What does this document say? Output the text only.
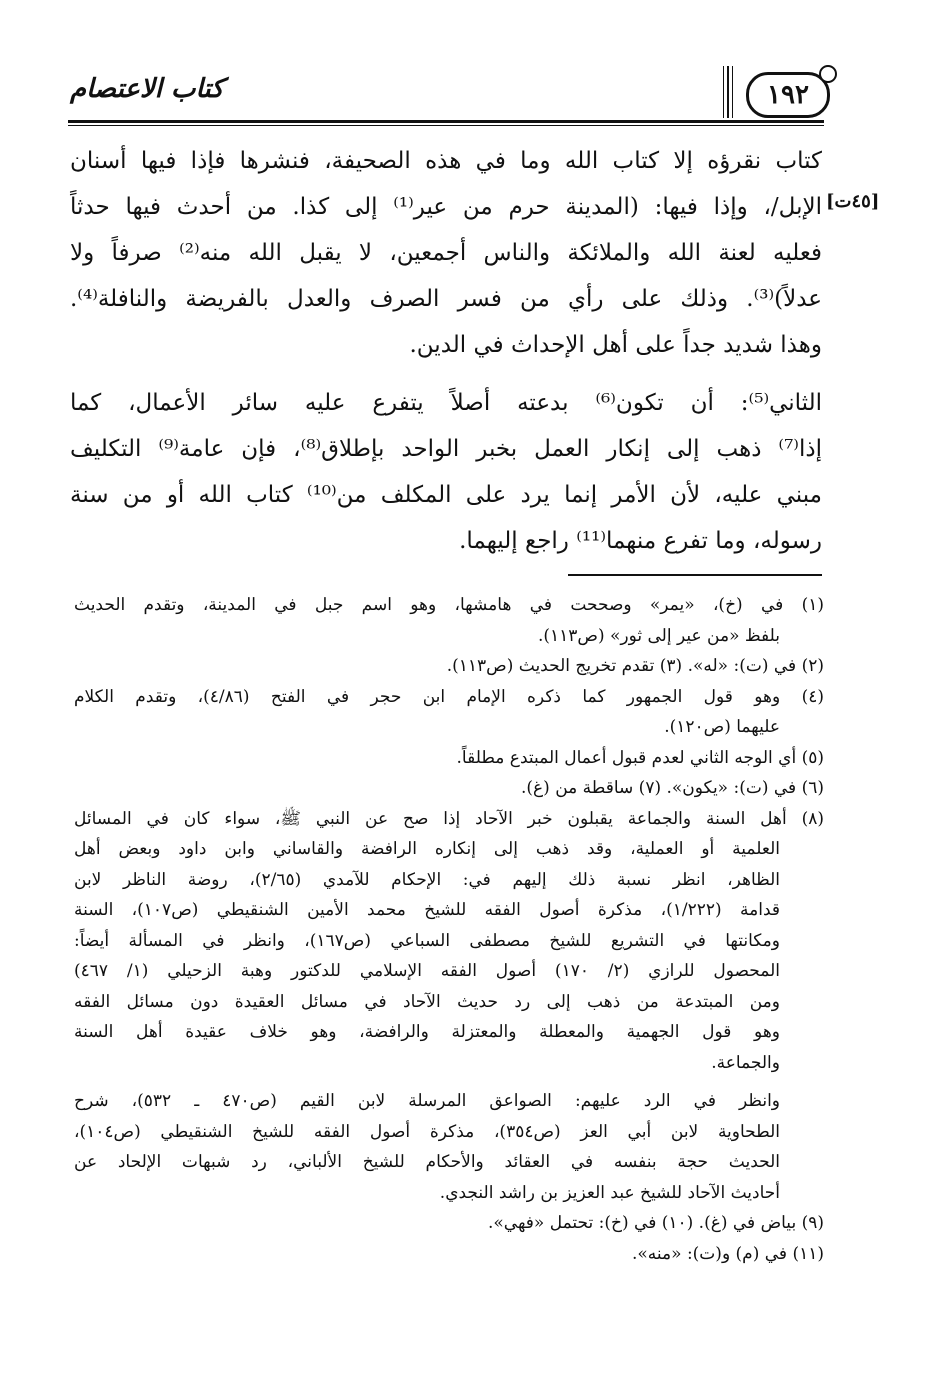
كتاب الاعتصام	١٩٢
[٤٥ت]
كتاب نقرؤه إلا كتاب الله وما في هذه الصحيفة، فنشرها فإذا فيها أسنان
الإبل/، وإذا فيها: (المدينة حرم من عير⁽¹⁾ إلى كذا. من أحدث فيها حدثاً
فعليه لعنة الله والملائكة والناس أجمعين، لا يقبل الله منه⁽²⁾ صرفاً ولا
عدلاً)⁽³⁾. وذلك على رأي من فسر الصرف والعدل بالفريضة والنافلة⁽⁴⁾.
وهذا شديد جداً على أهل الإحداث في الدين.
الثاني⁽⁵⁾: أن تكون⁽⁶⁾ بدعته أصلاً يتفرع عليه سائر الأعمال، كما
إذا⁽⁷⁾ ذهب إلى إنكار العمل بخبر الواحد بإطلاق⁽⁸⁾، فإن عامة⁽⁹⁾ التكليف
مبني عليه، لأن الأمر إنما يرد على المكلف من⁽¹⁰⁾ كتاب الله أو من سنة
رسوله، وما تفرع منهما⁽¹¹⁾ راجع إليهما.
(١) في (خ)، «يمر» وصححت في هامشها، وهو اسم جبل في المدينة، وتقدم الحديث
بلفظ «من عير إلى ثور» (ص١١٣).
(٢) في (ت): «له». (٣) تقدم تخريج الحديث (ص١١٣).
(٤) وهو قول الجمهور كما ذكره الإمام ابن حجر في الفتح (٤/٨٦)، وتقدم الكلام
عليهما (ص١٢٠).
(٥) أي الوجه الثاني لعدم قبول أعمال المبتدع مطلقاً.
(٦) في (ت): «يكون». (٧) ساقطة من (غ).
(٨) أهل السنة والجماعة يقبلون خبر الآحاد إذا صح عن النبي ﷺ، سواء كان في المسائل
العلمية أو العملية، وقد ذهب إلى إنكاره الرافضة والقاساني وابن داود وبعض أهل
الظاهر، انظر نسبة ذلك إليهم في: الإحكام للآمدي (٢/٦٥)، روضة الناظر لابن
قدامة (١/٢٢٢)، مذكرة أصول الفقه للشيخ محمد الأمين الشنقيطي (ص١٠٧)، السنة
ومكانتها في التشريع للشيخ مصطفى السباعي (ص١٦٧)، وانظر في المسألة أيضاً:
المحصول للرازي (٢/ ١٧٠) أصول الفقه الإسلامي للدكتور وهبة الزحيلي (١/ ٤٦٧)
ومن المبتدعة من ذهب إلى رد حديث الآحاد في مسائل العقيدة دون مسائل الفقه
وهو قول الجهمية والمعطلة والمعتزلة والرافضة، وهو خلاف عقيدة أهل السنة
والجماعة.
وانظر في الرد عليهم: الصواعق المرسلة لابن القيم (ص٤٧٠ ـ ٥٣٢)، شرح
الطحاوية لابن أبي العز (ص٣٥٤)، مذكرة أصول الفقه للشيخ الشنقيطي (ص١٠٤)،
الحديث حجة بنفسه في العقائد والأحكام للشيخ الألباني، رد شبهات الإلحاد عن
أحاديث الآحاد للشيخ عبد العزيز بن راشد النجدي.
(٩) بياض في (غ). (١٠) في (خ): تحتمل «فهي».
(١١) في (م) و(ت): «منه».
